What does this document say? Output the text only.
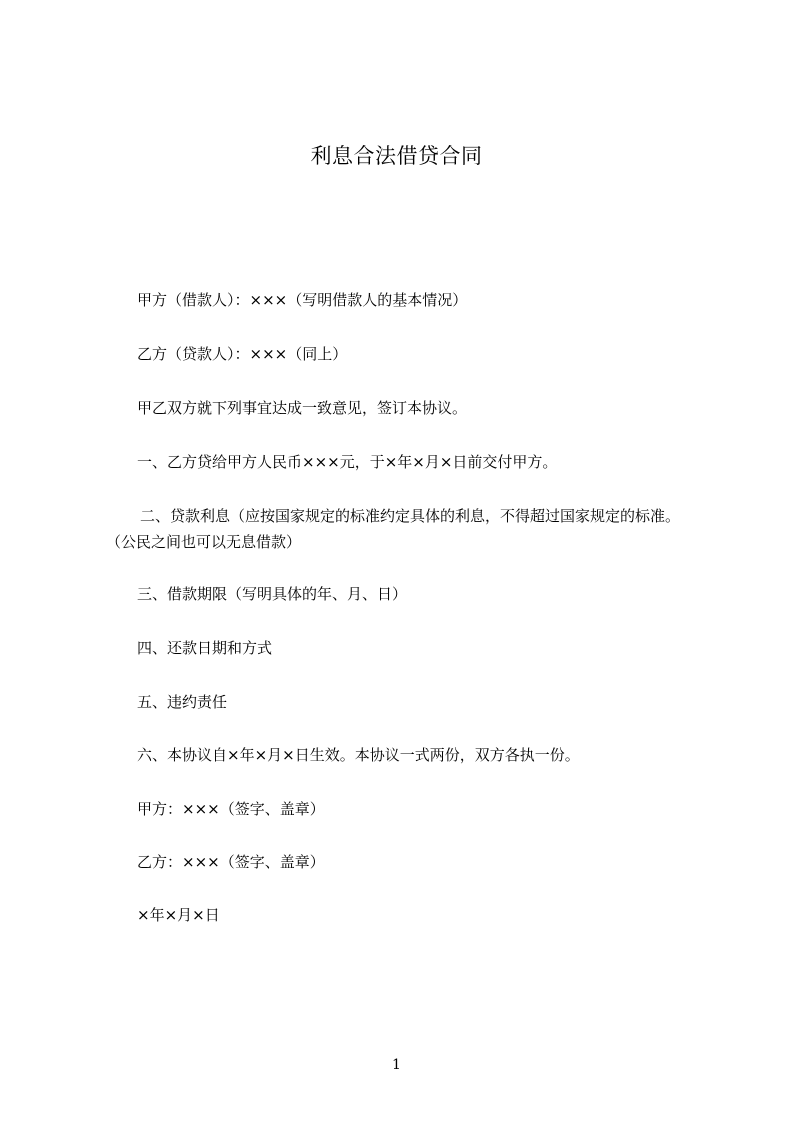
利息合法借贷合同
甲方（借款人）：×××（写明借款人的基本情况）
乙方（贷款人）：×××（同上）
甲乙双方就下列事宜达成一致意见，签订本协议。
一、乙方贷给甲方人民币×××元，于×年×月×日前交付甲方。
二、贷款利息（应按国家规定的标准约定具体的利息，不得超过国家规定的标准。
（公民之间也可以无息借款）
三、借款期限（写明具体的年、月、日）
四、还款日期和方式
五、违约责任
六、本协议自×年×月×日生效。本协议一式两份，双方各执一份。
甲方：×××（签字、盖章）
乙方：×××（签字、盖章）
×年×月×日
1
